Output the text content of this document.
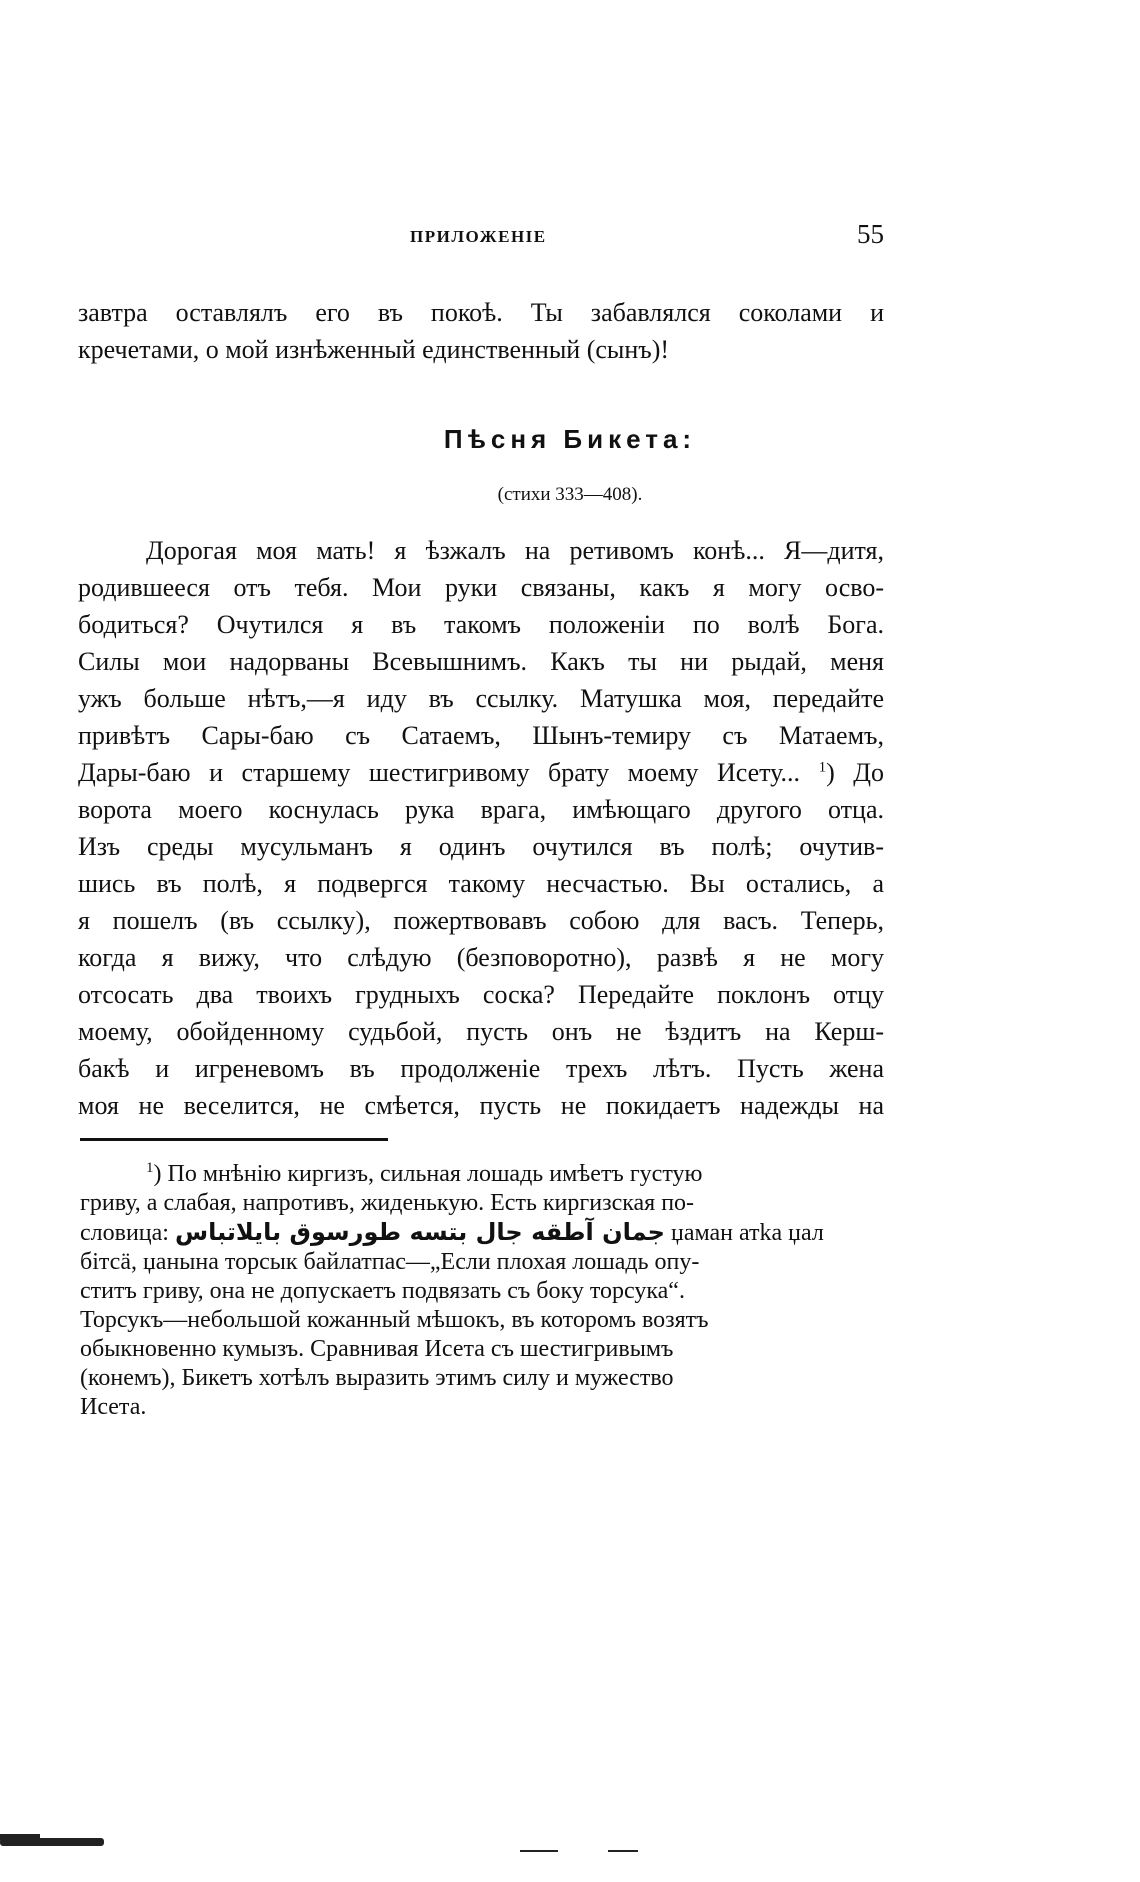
ПРИЛОЖЕНІЕ	55
завтра оставлялъ его въ покоѣ. Ты забавлялся соколами и
кречетами, о мой изнѣженный единственный (сынъ)!
Пѣсня Бикета:
(стихи 333—408).
Дорогая моя мать! я ѣзжалъ на ретивомъ конѣ... Я—дитя,
родившееся отъ тебя. Мои руки связаны, какъ я могу осво-
бодиться? Очутился я въ такомъ положеніи по волѣ Бога.
Силы мои надорваны Всевышнимъ. Какъ ты ни рыдай, меня
ужъ больше нѣтъ,—я иду въ ссылку. Матушка моя, передайте
привѣтъ Сары-баю съ Сатаемъ, Шынъ-темиру съ Матаемъ,
Дары-баю и старшему шестигривому брату моему Исету... $^1$) До
ворота моего коснулась рука врага, имѣющаго другого отца.
Изъ среды мусульманъ я одинъ очутился въ полѣ; очутив-
шись въ полѣ, я подвергся такому несчастью. Вы остались, а
я пошелъ (въ ссылку), пожертвовавъ собою для васъ. Теперь,
когда я вижу, что слѣдую (безповоротно), развѣ я не могу
отсосать два твоихъ грудныхъ соска? Передайте поклонъ отцу
моему, обойденному судьбой, пусть онъ не ѣздитъ на Керш-
бакѣ и игреневомъ въ продолженіе трехъ лѣтъ. Пусть жена
моя не веселится, не смѣется, пусть не покидаетъ надежды на
$^1$) По мнѣнію киргизъ, сильная лошадь имѣетъ густую
гриву, а слабая, напротивъ, жиденькую. Есть киргизская по-
словица: جمان آطقه جال بتسه طورسوق بايلاتباس џаман атkа џал
бітсä, џанына торсык байлатпас—„Если плохая лошадь опу-
ститъ гриву, она не допускаетъ подвязать съ боку торсука“.
Торсукъ—небольшой кожанный мѣшокъ, въ которомъ возятъ
обыкновенно кумызъ. Сравнивая Исета съ шестигривымъ
(конемъ), Бикетъ хотѣлъ выразить этимъ силу и мужество
Исета.
